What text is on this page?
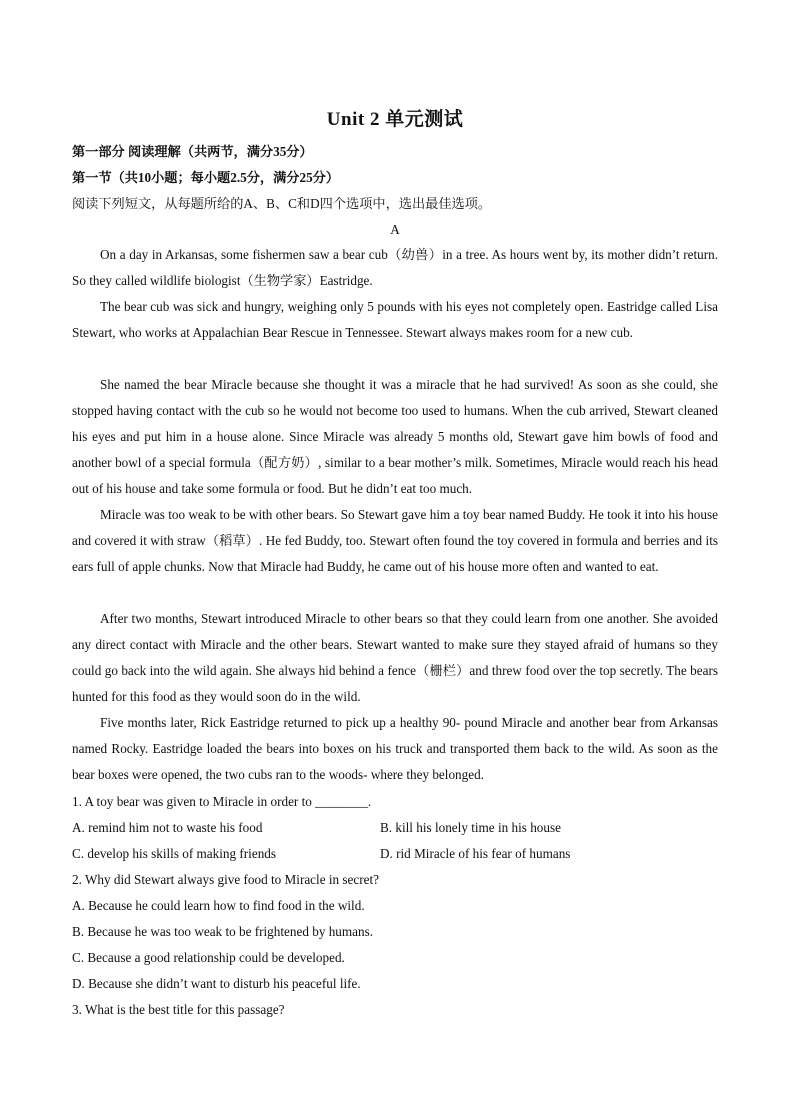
Unit 2 单元测试
第一部分 阅读理解（共两节，满分35分）
第一节（共10小题；每小题2.5分，满分25分）
阅读下列短文，从每题所给的A、B、C和D四个选项中，选出最佳选项。
A
On a day in Arkansas, some fishermen saw a bear cub（幼兽）in a tree. As hours went by, its mother didn’t return. So they called wildlife biologist（生物学家）Eastridge.
The bear cub was sick and hungry, weighing only 5 pounds with his eyes not completely open. Eastridge called Lisa Stewart, who works at Appalachian Bear Rescue in Tennessee. Stewart always makes room for a new cub.
She named the bear Miracle because she thought it was a miracle that he had survived! As soon as she could, she stopped having contact with the cub so he would not become too used to humans. When the cub arrived, Stewart cleaned his eyes and put him in a house alone. Since Miracle was already 5 months old, Stewart gave him bowls of food and another bowl of a special formula（配方奶）, similar to a bear mother’s milk. Sometimes, Miracle would reach his head out of his house and take some formula or food. But he didn’t eat too much.
Miracle was too weak to be with other bears. So Stewart gave him a toy bear named Buddy. He took it into his house and covered it with straw（稻草）. He fed Buddy, too. Stewart often found the toy covered in formula and berries and its ears full of apple chunks. Now that Miracle had Buddy, he came out of his house more often and wanted to eat.
After two months, Stewart introduced Miracle to other bears so that they could learn from one another. She avoided any direct contact with Miracle and the other bears. Stewart wanted to make sure they stayed afraid of humans so they could go back into the wild again. She always hid behind a fence（栅栏）and threw food over the top secretly. The bears hunted for this food as they would soon do in the wild.
Five months later, Rick Eastridge returned to pick up a healthy 90- pound Miracle and another bear from Arkansas named Rocky. Eastridge loaded the bears into boxes on his truck and transported them back to the wild. As soon as the bear boxes were opened, the two cubs ran to the woods- where they belonged.
1. A toy bear was given to Miracle in order to ________.
A. remind him not to waste his food	B. kill his lonely time in his house
C. develop his skills of making friends	D. rid Miracle of his fear of humans
2. Why did Stewart always give food to Miracle in secret?
A. Because he could learn how to find food in the wild.
B. Because he was too weak to be frightened by humans.
C. Because a good relationship could be developed.
D. Because she didn’t want to disturb his peaceful life.
3. What is the best title for this passage?
